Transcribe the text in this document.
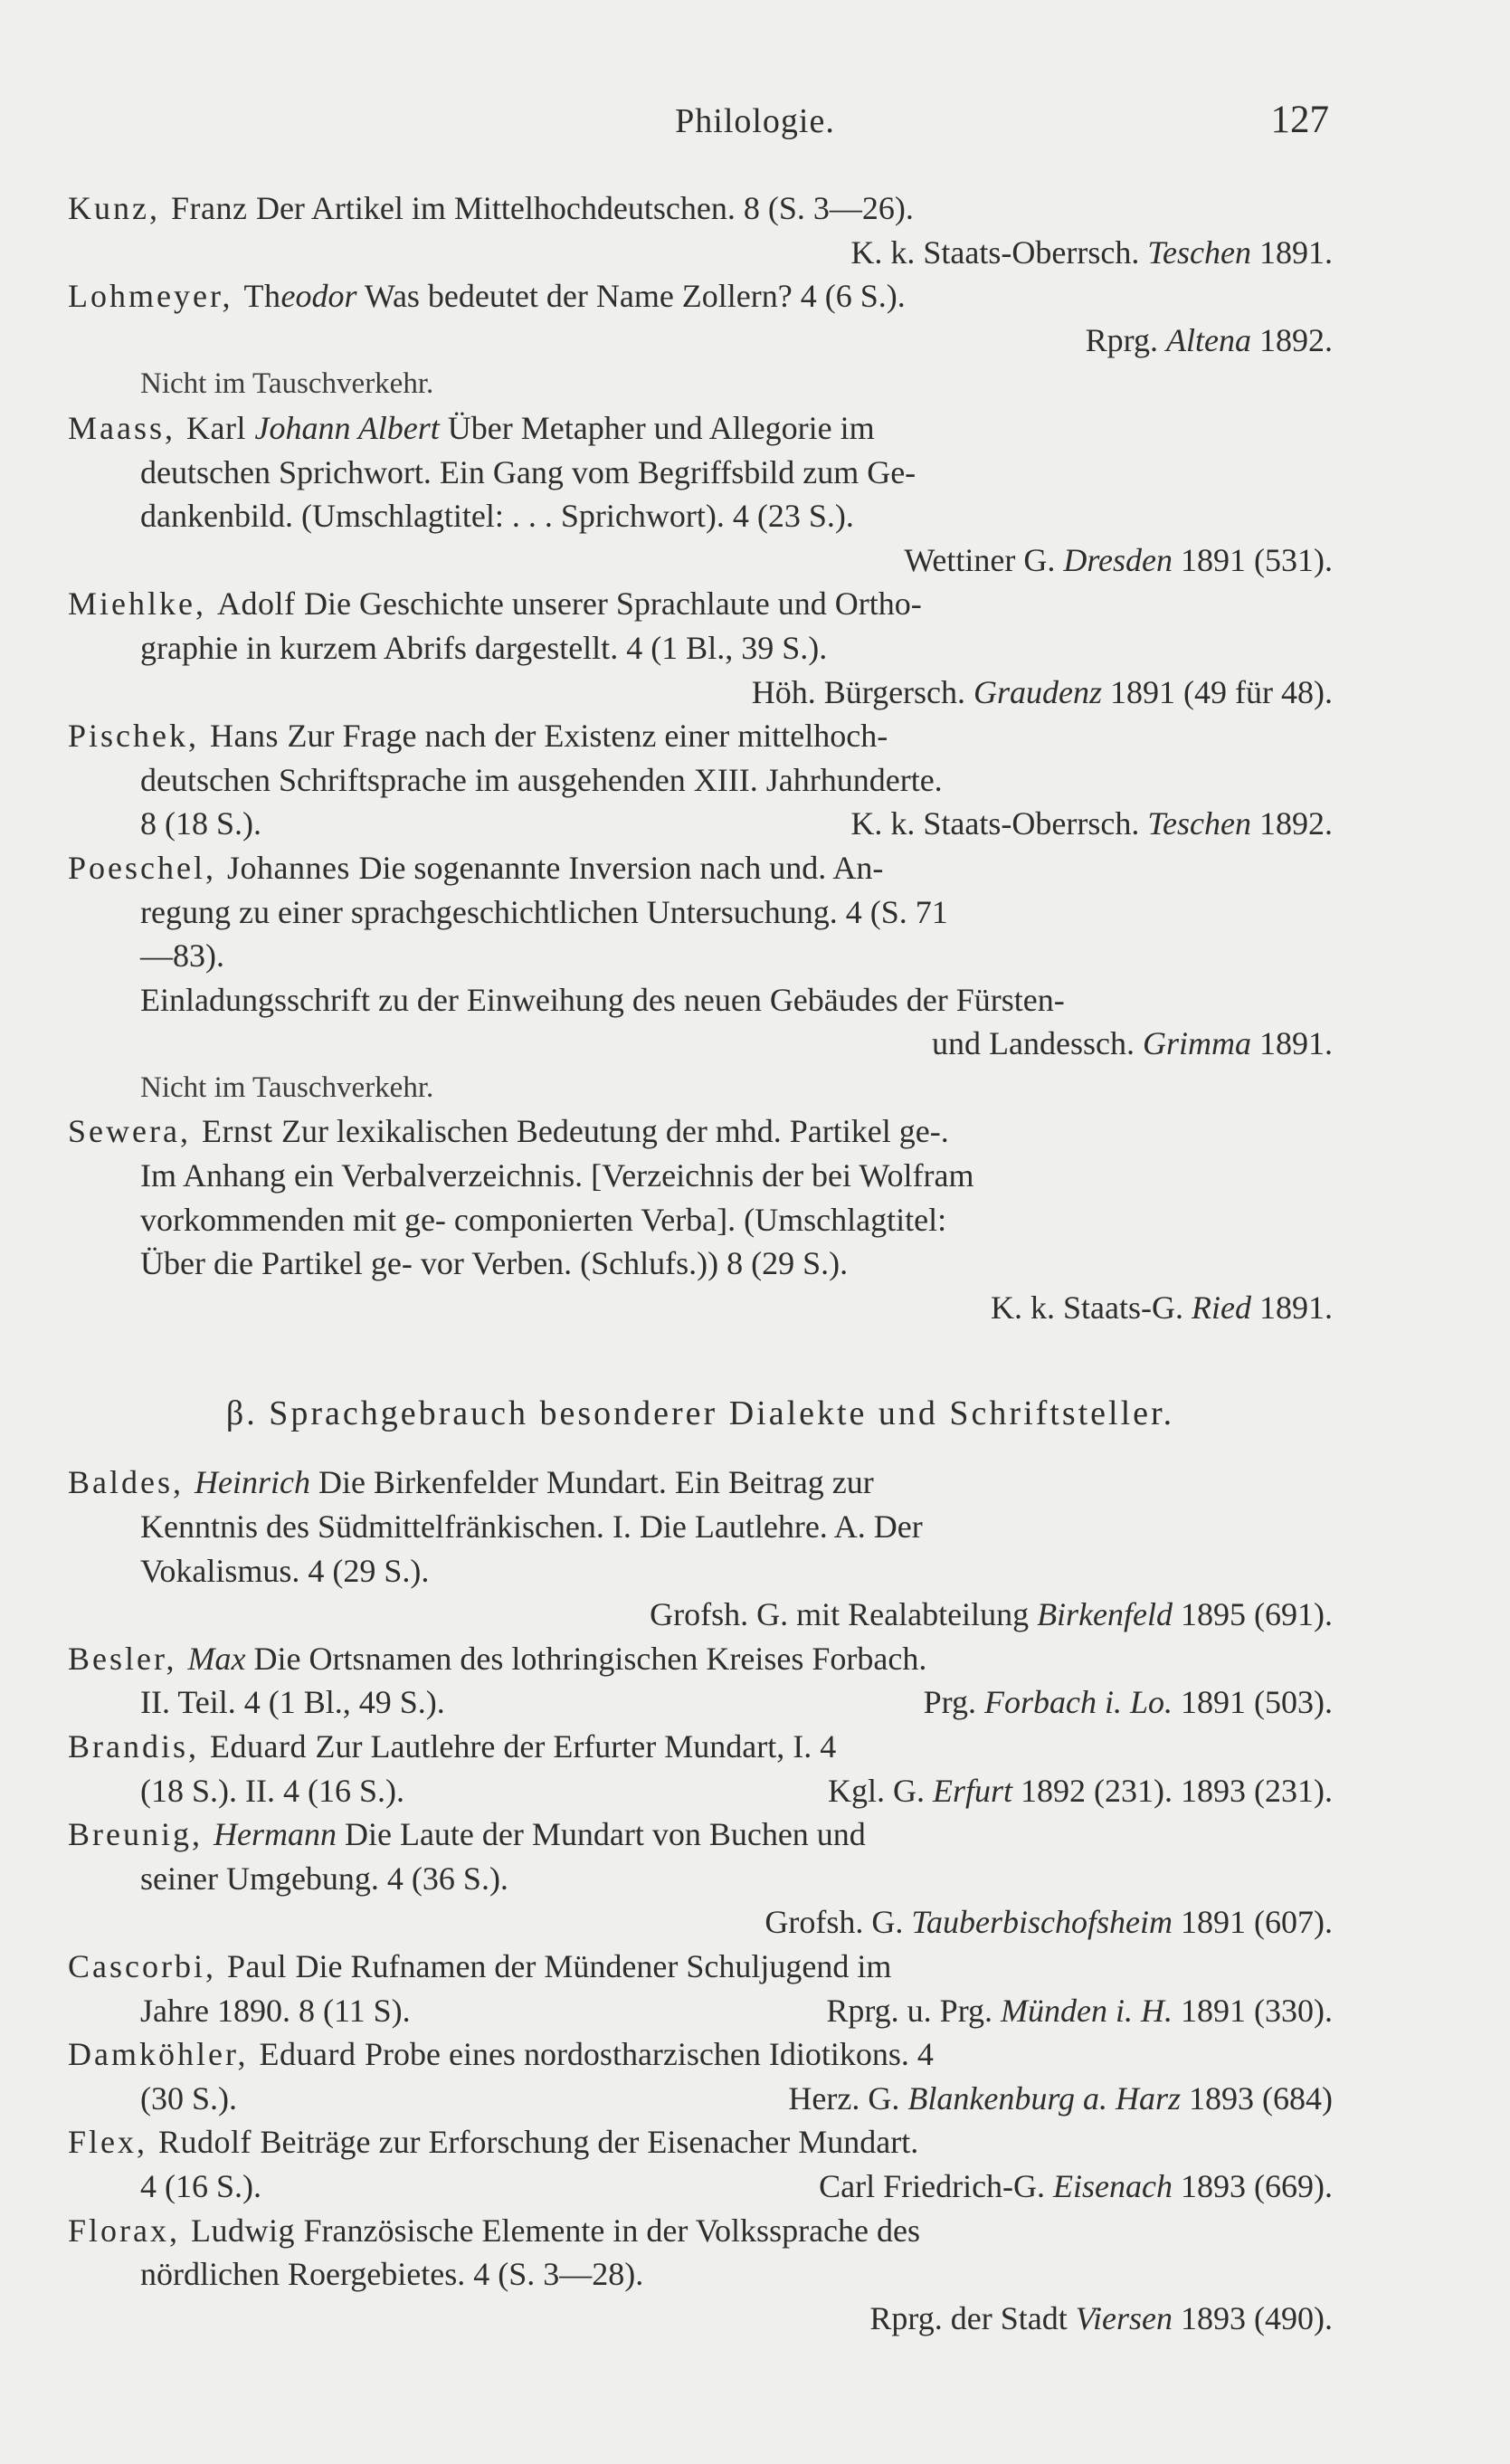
Philologie.	127
Kunz, Franz Der Artikel im Mittelhochdeutschen. 8 (S. 3—26).
K. k. Staats-Oberrsch. Teschen 1891.
Lohmeyer, Theodor Was bedeutet der Name Zollern? 4 (6 S.).
Rprg. Altena 1892.
Nicht im Tauschverkehr.
Maass, Karl Johann Albert Über Metapher und Allegorie im
deutschen Sprichwort. Ein Gang vom Begriffsbild zum Ge-
dankenbild. (Umschlagtitel: . . . Sprichwort). 4 (23 S.).
Wettiner G. Dresden 1891 (531).
Miehlke, Adolf Die Geschichte unserer Sprachlaute und Ortho-
graphie in kurzem Abrifs dargestellt. 4 (1 Bl., 39 S.).
Höh. Bürgersch. Graudenz 1891 (49 für 48).
Pischek, Hans Zur Frage nach der Existenz einer mittelhoch-
deutschen Schriftsprache im ausgehenden XIII. Jahrhunderte.
8 (18 S.).	K. k. Staats-Oberrsch. Teschen 1892.
Poeschel, Johannes Die sogenannte Inversion nach und. An-
regung zu einer sprachgeschichtlichen Untersuchung. 4 (S. 71
—83).
Einladungsschrift zu der Einweihung des neuen Gebäudes der Fürsten-
und Landessch. Grimma 1891.
Nicht im Tauschverkehr.
Sewera, Ernst Zur lexikalischen Bedeutung der mhd. Partikel ge-.
Im Anhang ein Verbalverzeichnis. [Verzeichnis der bei Wolfram
vorkommenden mit ge- componierten Verba]. (Umschlagtitel:
Über die Partikel ge- vor Verben. (Schlufs.)) 8 (29 S.).
K. k. Staats-G. Ried 1891.
β. Sprachgebrauch besonderer Dialekte und Schriftsteller.
Baldes, Heinrich Die Birkenfelder Mundart. Ein Beitrag zur
Kenntnis des Südmittelfränkischen. I. Die Lautlehre. A. Der
Vokalismus. 4 (29 S.).
Grofsh. G. mit Realabteilung Birkenfeld 1895 (691).
Besler, Max Die Ortsnamen des lothringischen Kreises Forbach.
II. Teil. 4 (1 Bl., 49 S.).	Prg. Forbach i. Lo. 1891 (503).
Brandis, Eduard Zur Lautlehre der Erfurter Mundart, I. 4
(18 S.). II. 4 (16 S.).	Kgl. G. Erfurt 1892 (231). 1893 (231).
Breunig, Hermann Die Laute der Mundart von Buchen und
seiner Umgebung. 4 (36 S.).
Grofsh. G. Tauberbischofsheim 1891 (607).
Cascorbi, Paul Die Rufnamen der Mündener Schuljugend im
Jahre 1890. 8 (11 S).	Rprg. u. Prg. Münden i. H. 1891 (330).
Damköhler, Eduard Probe eines nordostharzischen Idiotikons. 4
(30 S.).	Herz. G. Blankenburg a. Harz 1893 (684)
Flex, Rudolf Beiträge zur Erforschung der Eisenacher Mundart.
4 (16 S.).	Carl Friedrich-G. Eisenach 1893 (669).
Florax, Ludwig Französische Elemente in der Volkssprache des
nördlichen Roergebietes. 4 (S. 3—28).
Rprg. der Stadt Viersen 1893 (490).
